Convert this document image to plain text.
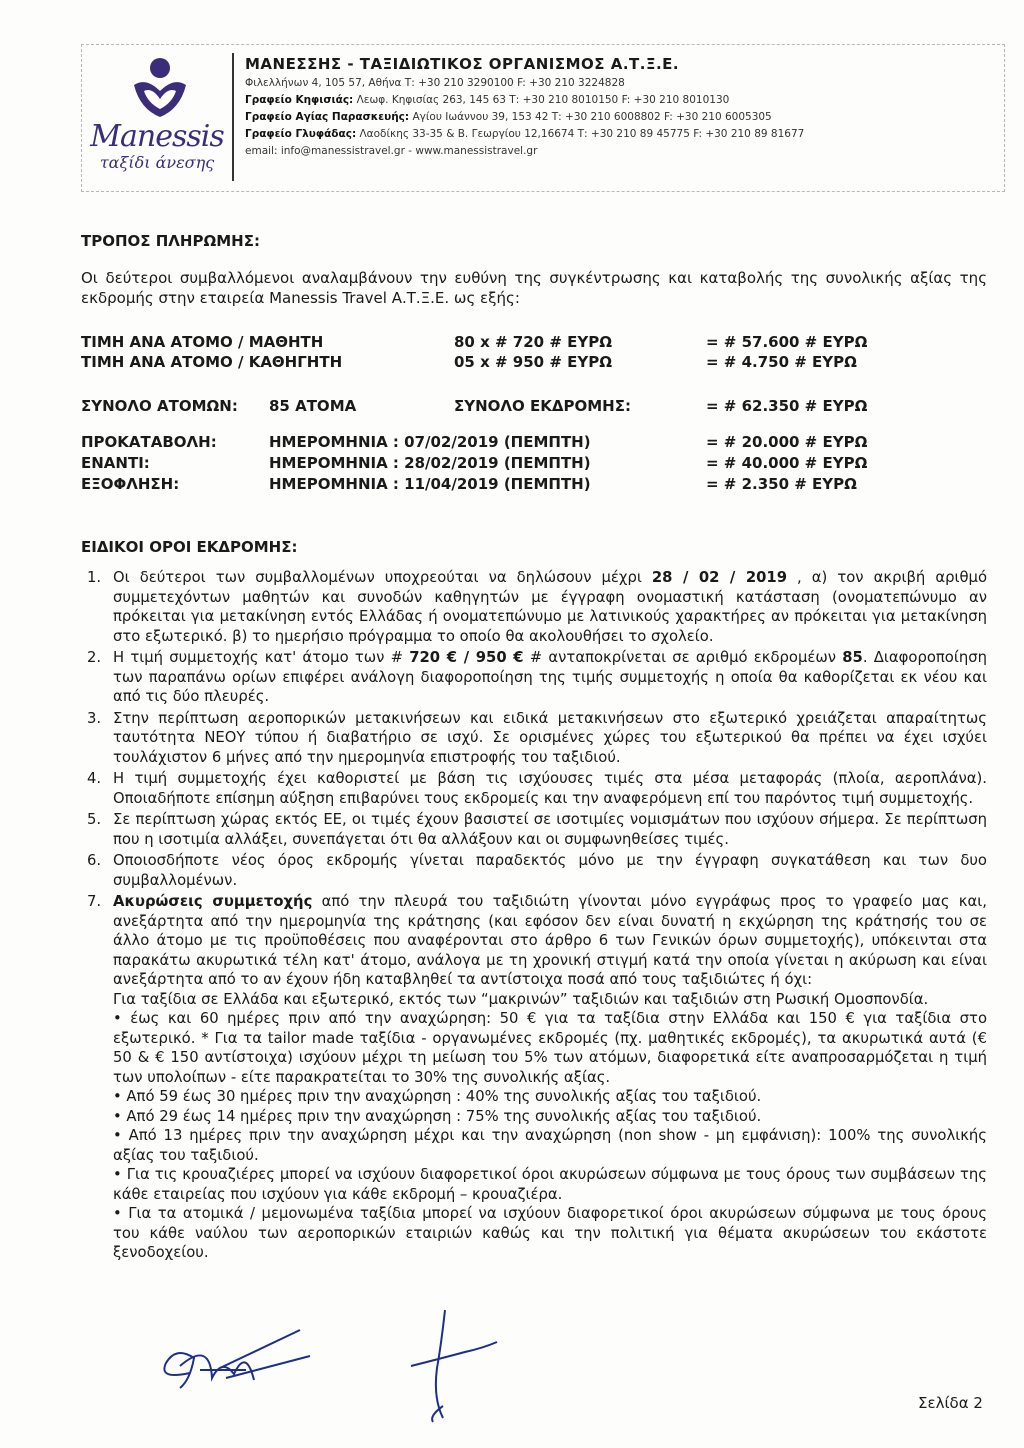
Manessis
ταξίδι άνεσης

ΜΑΝΕΣΣΗΣ - ΤΑΞΙΔΙΩΤΙΚΟΣ ΟΡΓΑΝΙΣΜΟΣ Α.Τ.Ξ.Ε.

Φιλελλήνων 4, 105 57, Αθήνα Τ: +30 210 3290100 F: +30 210 3224828

Γραφείο Κηφισιάς: Λεωφ. Κηφισίας 263, 145 63 Τ: +30 210 8010150 F: +30 210 8010130

Γραφείο Αγίας Παρασκευής: Αγίου Ιωάννου 39, 153 42 Τ: +30 210 6008802 F: +30 210 6005305

Γραφείο Γλυφάδας: Λαοδίκης 33-35 & Β. Γεωργίου 12,16674 Τ: +30 210 89 45775 F: +30 210 89 81677

email: info@manessistravel.gr - www.manessistravel.gr

ΤΡΟΠΟΣ ΠΛΗΡΩΜΗΣ:

Οι δεύτεροι συμβαλλόμενοι αναλαμβάνουν την ευθύνη της συγκέντρωσης και καταβολής της συνολικής αξίας της εκδρομής στην εταιρεία Manessis Travel Α.Τ.Ξ.Ε. ως εξής:

ΤΙΜΗ ΑΝΑ ΑΤΟΜΟ / ΜΑΘΗΤΗ	80 x # 720 # ΕΥΡΩ	= # 57.600 # ΕΥΡΩ
ΤΙΜΗ ΑΝΑ ΑΤΟΜΟ / ΚΑΘΗΓΗΤΗ	05 x # 950 # ΕΥΡΩ	= # 4.750 # ΕΥΡΩ
ΣΥΝΟΛΟ ΑΤΟΜΩΝ: 85 ΑΤΟΜΑ	ΣΥΝΟΛΟ ΕΚΔΡΟΜΗΣ:	= # 62.350 # ΕΥΡΩ
ΠΡΟΚΑΤΑΒΟΛΗ:	ΗΜΕΡΟΜΗΝΙΑ : 07/02/2019 (ΠΕΜΠΤΗ)	= # 20.000 # ΕΥΡΩ
ΕΝΑΝΤΙ:	ΗΜΕΡΟΜΗΝΙΑ : 28/02/2019 (ΠΕΜΠΤΗ)	= # 40.000 # ΕΥΡΩ
ΕΞΟΦΛΗΣΗ:	ΗΜΕΡΟΜΗΝΙΑ : 11/04/2019 (ΠΕΜΠΤΗ)	= # 2.350 # ΕΥΡΩ

ΕΙΔΙΚΟΙ ΟΡΟΙ ΕΚΔΡΟΜΗΣ:

1. Οι δεύτεροι των συμβαλλομένων υποχρεούται να δηλώσουν μέχρι 28 / 02 / 2019 , α) τον ακριβή αριθμό συμμετεχόντων μαθητών και συνοδών καθηγητών με έγγραφη ονομαστική κατάσταση (ονοματεπώνυμο αν πρόκειται για μετακίνηση εντός Ελλάδας ή ονοματεπώνυμο με λατινικούς χαρακτήρες αν πρόκειται για μετακίνηση στο εξωτερικό. β) το ημερήσιο πρόγραμμα το οποίο θα ακολουθήσει το σχολείο.
2. Η τιμή συμμετοχής κατ' άτομο των # 720 € / 950 € # ανταποκρίνεται σε αριθμό εκδρομέων 85. Διαφοροποίηση των παραπάνω ορίων επιφέρει ανάλογη διαφοροποίηση της τιμής συμμετοχής η οποία θα καθορίζεται εκ νέου και από τις δύο πλευρές.
3. Στην περίπτωση αεροπορικών μετακινήσεων και ειδικά μετακινήσεων στο εξωτερικό χρειάζεται απαραίτητως ταυτότητα ΝΕΟΥ τύπου ή διαβατήριο σε ισχύ. Σε ορισμένες χώρες του εξωτερικού θα πρέπει να έχει ισχύει τουλάχιστον 6 μήνες από την ημερομηνία επιστροφής του ταξιδιού.
4. Η τιμή συμμετοχής έχει καθοριστεί με βάση τις ισχύουσες τιμές στα μέσα μεταφοράς (πλοία, αεροπλάνα). Οποιαδήποτε επίσημη αύξηση επιβαρύνει τους εκδρομείς και την αναφερόμενη επί του παρόντος τιμή συμμετοχής.
5. Σε περίπτωση χώρας εκτός ΕΕ, οι τιμές έχουν βασιστεί σε ισοτιμίες νομισμάτων που ισχύουν σήμερα. Σε περίπτωση που η ισοτιμία αλλάξει, συνεπάγεται ότι θα αλλάξουν και οι συμφωνηθείσες τιμές.
6. Οποιοσδήποτε νέος όρος εκδρομής γίνεται παραδεκτός μόνο με την έγγραφη συγκατάθεση και των δυο συμβαλλομένων.
7. Ακυρώσεις συμμετοχής από την πλευρά του ταξιδιώτη γίνονται μόνο εγγράφως προς το γραφείο μας και, ανεξάρτητα από την ημερομηνία της κράτησης (και εφόσον δεν είναι δυνατή η εκχώρηση της κράτησής του σε άλλο άτομο με τις προϋποθέσεις που αναφέρονται στο άρθρο 6 των Γενικών όρων συμμετοχής), υπόκεινται στα παρακάτω ακυρωτικά τέλη κατ' άτομο, ανάλογα με τη χρονική στιγμή κατά την οποία γίνεται η ακύρωση και είναι ανεξάρτητα από το αν έχουν ήδη καταβληθεί τα αντίστοιχα ποσά από τους ταξιδιώτες ή όχι:

Για ταξίδια σε Ελλάδα και εξωτερικό, εκτός των “μακρινών” ταξιδιών και ταξιδιών στη Ρωσική Ομοσπονδία.

• έως και 60 ημέρες πριν από την αναχώρηση: 50 € για τα ταξίδια στην Ελλάδα και 150 € για ταξίδια στο εξωτερικό. * Για τα tailor made ταξίδια - οργανωμένες εκδρομές (πχ. μαθητικές εκδρομές), τα ακυρωτικά αυτά (€ 50 & € 150 αντίστοιχα) ισχύουν μέχρι τη μείωση του 5% των ατόμων, διαφορετικά είτε αναπροσαρμόζεται η τιμή των υπολοίπων - είτε παρακρατείται το 30% της συνολικής αξίας.

• Από 59 έως 30 ημέρες πριν την αναχώρηση : 40% της συνολικής αξίας του ταξιδιού.

• Από 29 έως 14 ημέρες πριν την αναχώρηση : 75% της συνολικής αξίας του ταξιδιού.

• Από 13 ημέρες πριν την αναχώρηση μέχρι και την αναχώρηση (non show - μη εμφάνιση): 100% της συνολικής αξίας του ταξιδιού.

• Για τις κρουαζιέρες μπορεί να ισχύουν διαφορετικοί όροι ακυρώσεων σύμφωνα με τους όρους των συμβάσεων της κάθε εταιρείας που ισχύουν για κάθε εκδρομή – κρουαζιέρα.

• Για τα ατομικά / μεμονωμένα ταξίδια μπορεί να ισχύουν διαφορετικοί όροι ακυρώσεων σύμφωνα με τους όρους του κάθε ναύλου των αεροπορικών εταιριών καθώς και την πολιτική για θέματα ακυρώσεων του εκάστοτε ξενοδοχείου.

Σελίδα 2
